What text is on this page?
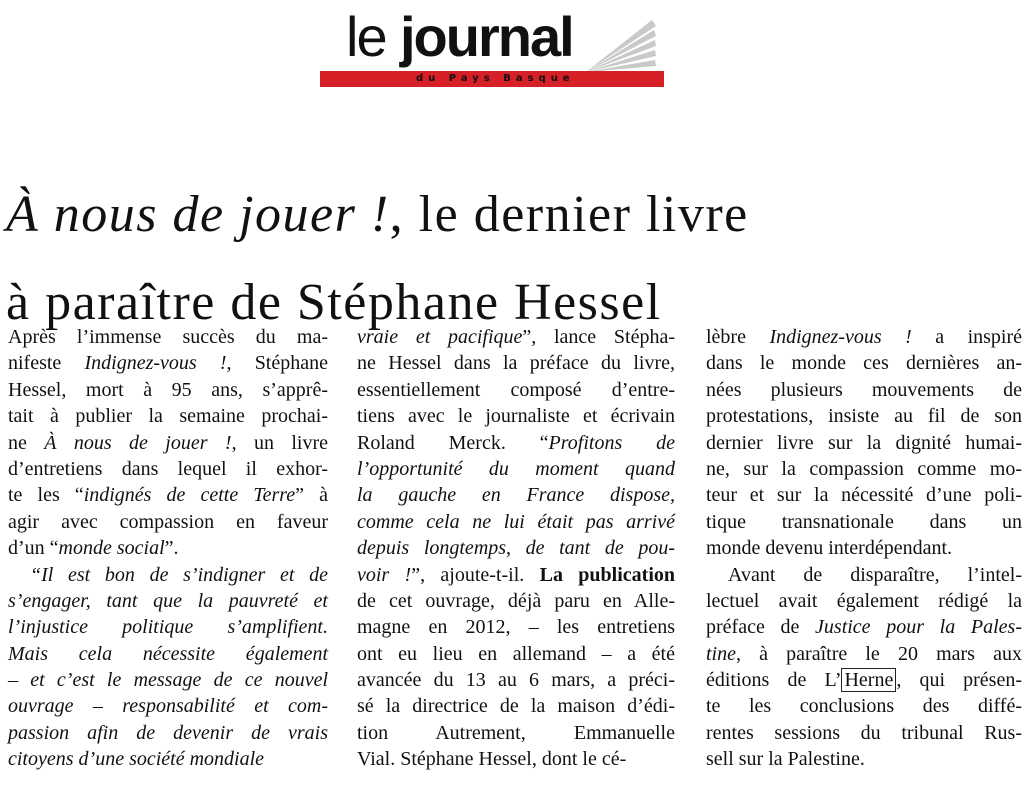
le journal
du Pays Basque
À nous de jouer !, le dernier livre
à paraître de Stéphane Hessel
Après l’immense succès du ma-
nifeste Indignez-vous !, Stéphane
Hessel, mort à 95 ans, s’apprê-
tait à publier la semaine prochai-
ne À nous de jouer !, un livre
d’entretiens dans lequel il exhor-
te les “indignés de cette Terre” à
agir avec compassion en faveur
d’un “monde social”.
“Il est bon de s’indigner et de
s’engager, tant que la pauvreté et
l’injustice politique s’amplifient.
Mais cela nécessite également
– et c’est le message de ce nouvel
ouvrage – responsabilité et com-
passion afin de devenir de vrais
citoyens d’une société mondiale
vraie et pacifique”, lance Stépha-
ne Hessel dans la préface du livre,
essentiellement composé d’entre-
tiens avec le journaliste et écrivain
Roland Merck. “Profitons de
l’opportunité du moment quand
la gauche en France dispose,
comme cela ne lui était pas arrivé
depuis longtemps, de tant de pou-
voir !”, ajoute-t-il. La publication
de cet ouvrage, déjà paru en Alle-
magne en 2012, – les entretiens
ont eu lieu en allemand – a été
avancée du 13 au 6 mars, a préci-
sé la directrice de la maison d’édi-
tion Autrement, Emmanuelle
Vial. Stéphane Hessel, dont le cé-
lèbre Indignez-vous ! a inspiré
dans le monde ces dernières an-
nées plusieurs mouvements de
protestations, insiste au fil de son
dernier livre sur la dignité humai-
ne, sur la compassion comme mo-
teur et sur la nécessité d’une poli-
tique transnationale dans un
monde devenu interdépendant.
Avant de disparaître, l’intel-
lectuel avait également rédigé la
préface de Justice pour la Pales-
tine, à paraître le 20 mars aux
éditions de L’ Herne , qui présen-
te les conclusions des diffé-
rentes sessions du tribunal Rus-
sell sur la Palestine.
